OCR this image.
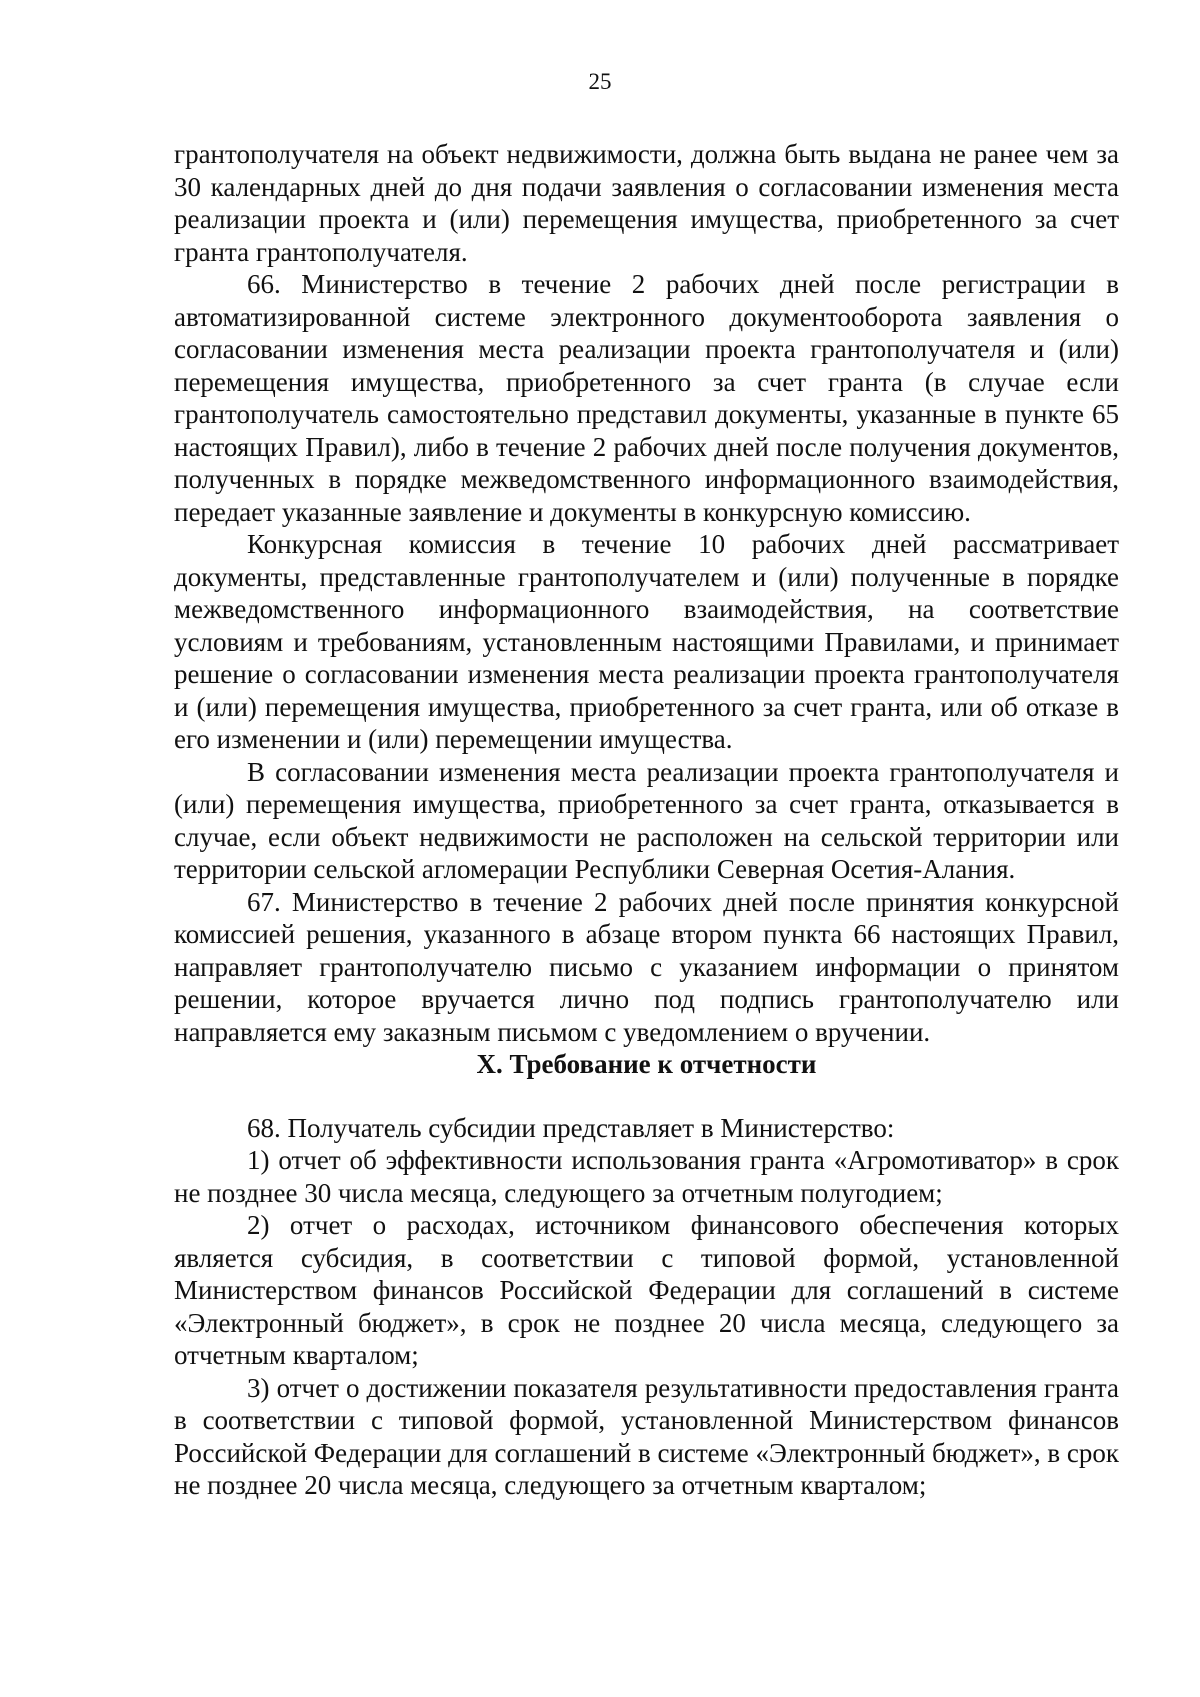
25

грантополучателя на объект недвижимости, должна быть выдана не ранее чем за 30 календарных дней до дня подачи заявления о согласовании изменения места реализации проекта и (или) перемещения имущества, приобретенного за счет гранта грантополучателя.

66. Министерство в течение 2 рабочих дней после регистрации в автоматизированной системе электронного документооборота заявления о согласовании изменения места реализации проекта грантополучателя и (или) перемещения имущества, приобретенного за счет гранта (в случае если грантополучатель самостоятельно представил документы, указанные в пункте 65 настоящих Правил), либо в течение 2 рабочих дней после получения документов, полученных в порядке межведомственного информационного взаимодействия, передает указанные заявление и документы в конкурсную комиссию.

Конкурсная комиссия в течение 10 рабочих дней рассматривает документы, представленные грантополучателем и (или) полученные в порядке межведомственного информационного взаимодействия, на соответствие условиям и требованиям, установленным настоящими Правилами, и принимает решение о согласовании изменения места реализации проекта грантополучателя и (или) перемещения имущества, приобретенного за счет гранта, или об отказе в его изменении и (или) перемещении имущества.

В согласовании изменения места реализации проекта грантополучателя и (или) перемещения имущества, приобретенного за счет гранта, отказывается в случае, если объект недвижимости не расположен на сельской территории или территории сельской агломерации Республики Северная Осетия-Алания.

67. Министерство в течение 2 рабочих дней после принятия конкурсной комиссией решения, указанного в абзаце втором пункта 66 настоящих Правил, направляет грантополучателю письмо с указанием информации о принятом решении, которое вручается лично под подпись грантополучателю или направляется ему заказным письмом с уведомлением о вручении.

X. Требование к отчетности

68. Получатель субсидии представляет в Министерство:

1) отчет об эффективности использования гранта «Агромотиватор» в срок не позднее 30 числа месяца, следующего за отчетным полугодием;

2) отчет о расходах, источником финансового обеспечения которых является субсидия, в соответствии с типовой формой, установленной Министерством финансов Российской Федерации для соглашений в системе «Электронный бюджет», в срок не позднее 20 числа месяца, следующего за отчетным кварталом;

3) отчет о достижении показателя результативности предоставления гранта в соответствии с типовой формой, установленной Министерством финансов Российской Федерации для соглашений в системе «Электронный бюджет», в срок не позднее 20 числа месяца, следующего за отчетным кварталом;
